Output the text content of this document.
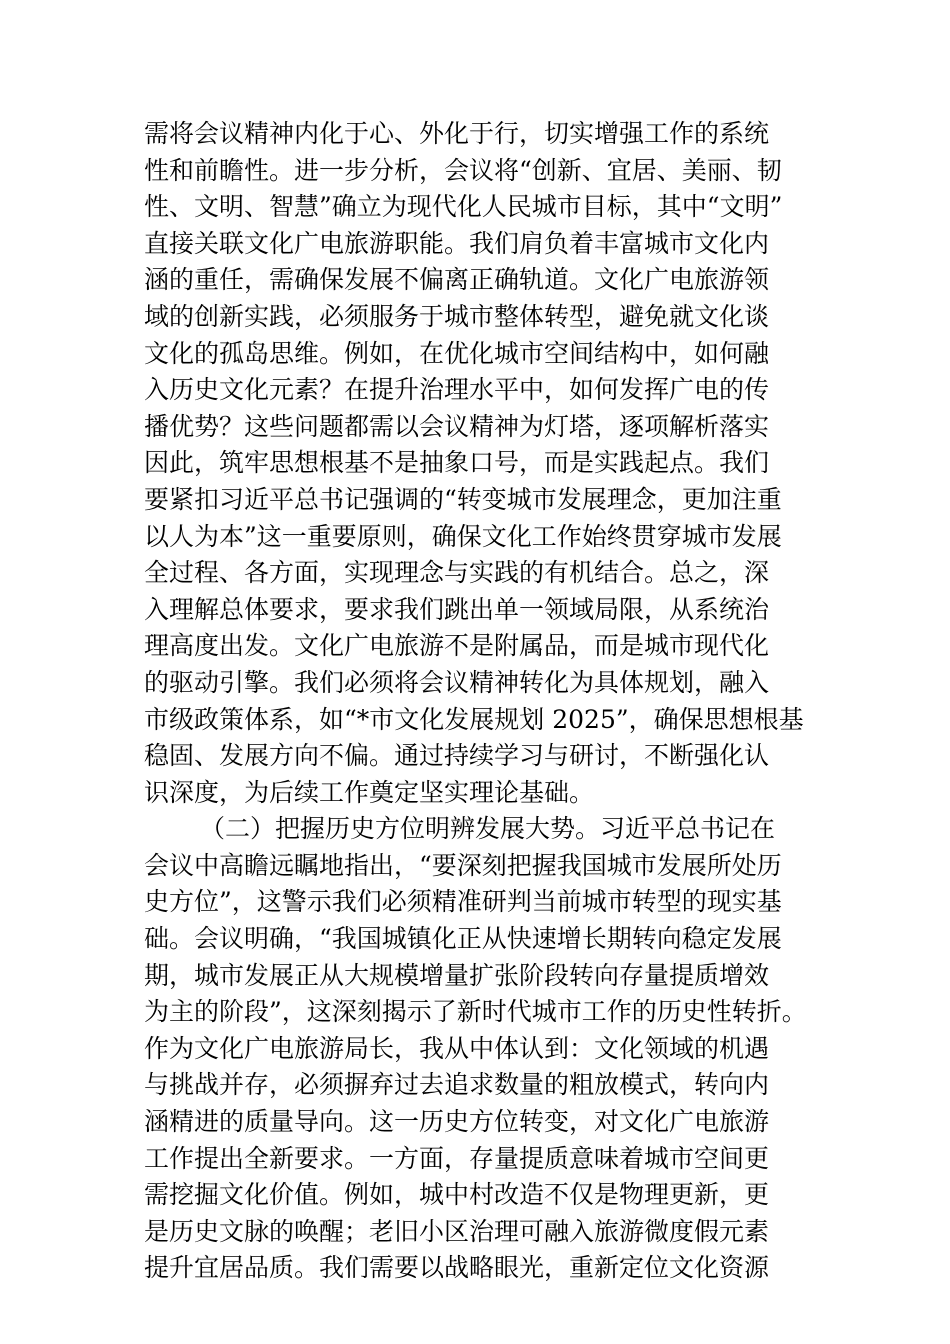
需将会议精神内化于心、外化于行，切实增强工作的系统
性和前瞻性。进一步分析，会议将“创新、宜居、美丽、韧
性、文明、智慧”确立为现代化人民城市目标，其中“文明”
直接关联文化广电旅游职能。我们肩负着丰富城市文化内
涵的重任，需确保发展不偏离正确轨道。文化广电旅游领
域的创新实践，必须服务于城市整体转型，避免就文化谈
文化的孤岛思维。例如，在优化城市空间结构中，如何融
入历史文化元素？在提升治理水平中，如何发挥广电的传
播优势？这些问题都需以会议精神为灯塔，逐项解析落实
因此，筑牢思想根基不是抽象口号，而是实践起点。我们
要紧扣习近平总书记强调的“转变城市发展理念，更加注重
以人为本”这一重要原则，确保文化工作始终贯穿城市发展
全过程、各方面，实现理念与实践的有机结合。总之，深
入理解总体要求，要求我们跳出单一领域局限，从系统治
理高度出发。文化广电旅游不是附属品，而是城市现代化
的驱动引擎。我们必须将会议精神转化为具体规划，融入
市级政策体系，如“*市文化发展规划 2025”，确保思想根基
稳固、发展方向不偏。通过持续学习与研讨，不断强化认
识深度，为后续工作奠定坚实理论基础。
（二）把握历史方位明辨发展大势。习近平总书记在
会议中高瞻远瞩地指出，“要深刻把握我国城市发展所处历
史方位”，这警示我们必须精准研判当前城市转型的现实基
础。会议明确，“我国城镇化正从快速增长期转向稳定发展
期，城市发展正从大规模增量扩张阶段转向存量提质增效
为主的阶段”，这深刻揭示了新时代城市工作的历史性转折。
作为文化广电旅游局长，我从中体认到：文化领域的机遇
与挑战并存，必须摒弃过去追求数量的粗放模式，转向内
涵精进的质量导向。这一历史方位转变，对文化广电旅游
工作提出全新要求。一方面，存量提质意味着城市空间更
需挖掘文化价值。例如，城中村改造不仅是物理更新，更
是历史文脉的唤醒；老旧小区治理可融入旅游微度假元素
提升宜居品质。我们需要以战略眼光，重新定位文化资源
